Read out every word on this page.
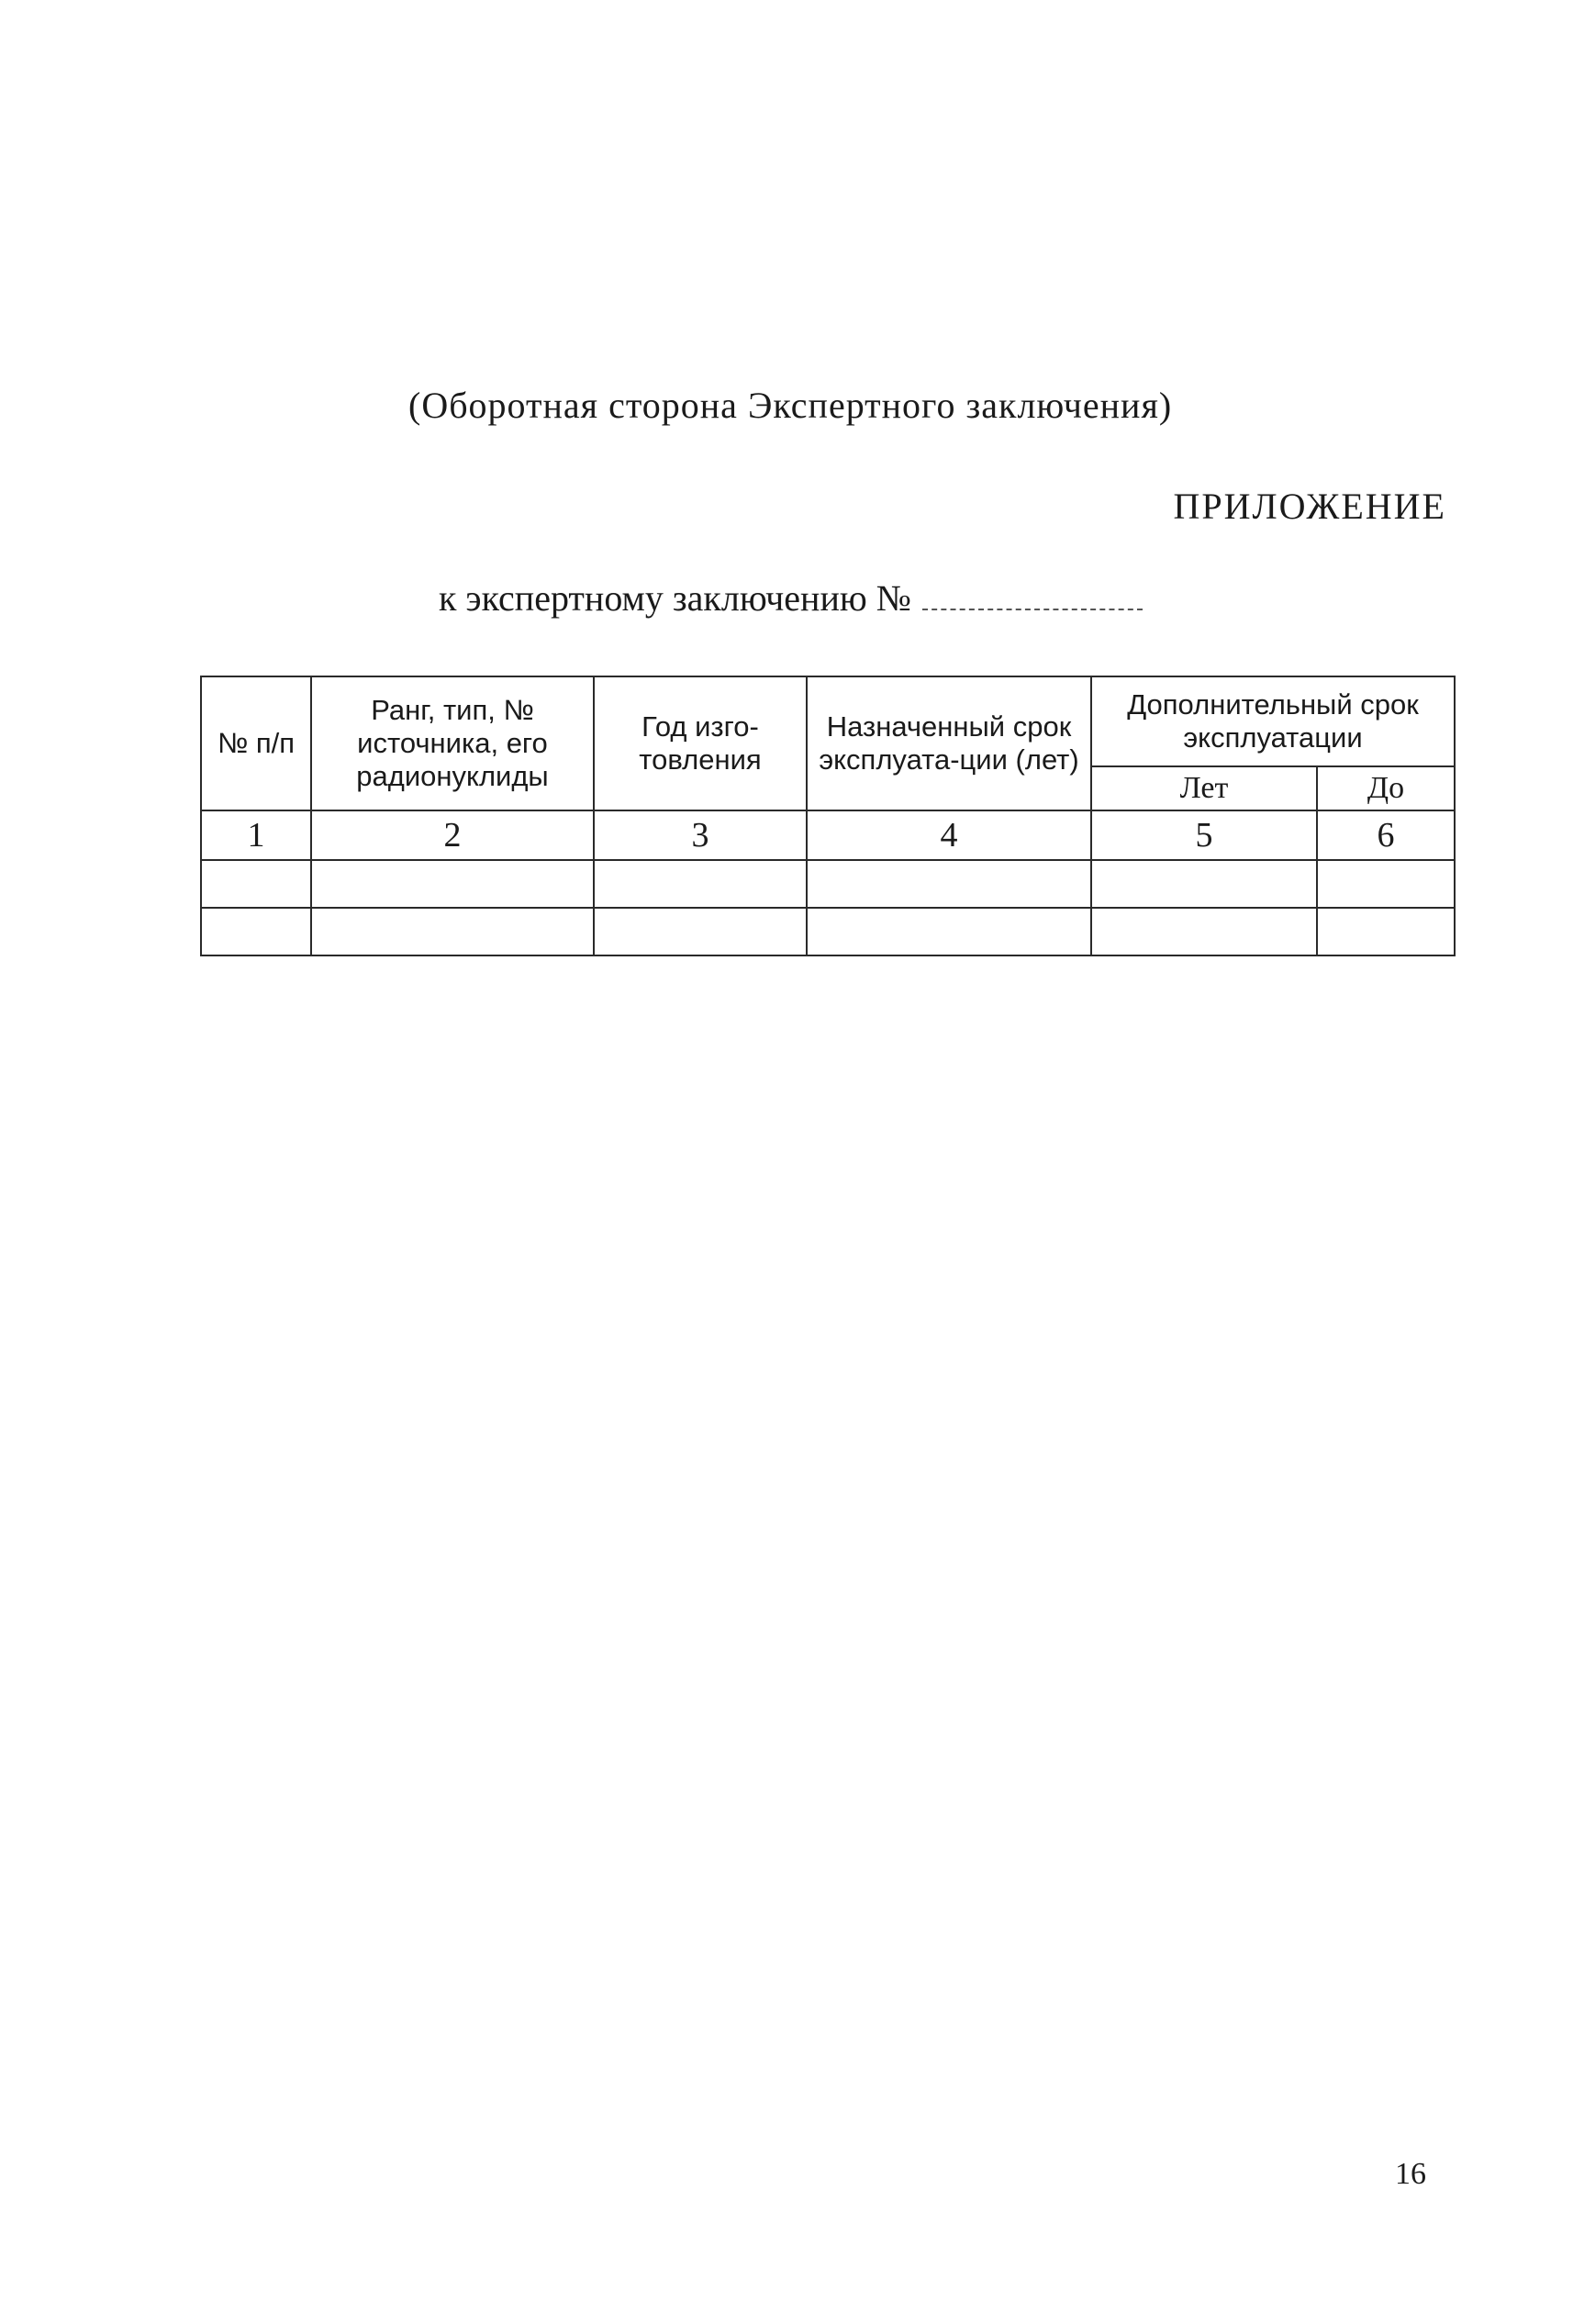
(Оборотная сторона Экспертного заключения)
ПРИЛОЖЕНИЕ
к экспертному заключению №
№ п/п	Ранг, тип, № источника, его радионуклиды	Год изго-товления	Назначенный срок эксплуата-ции (лет)	Дополнительный срок эксплуатации	
				Лет	До
1	2	3	4	5	6

16
